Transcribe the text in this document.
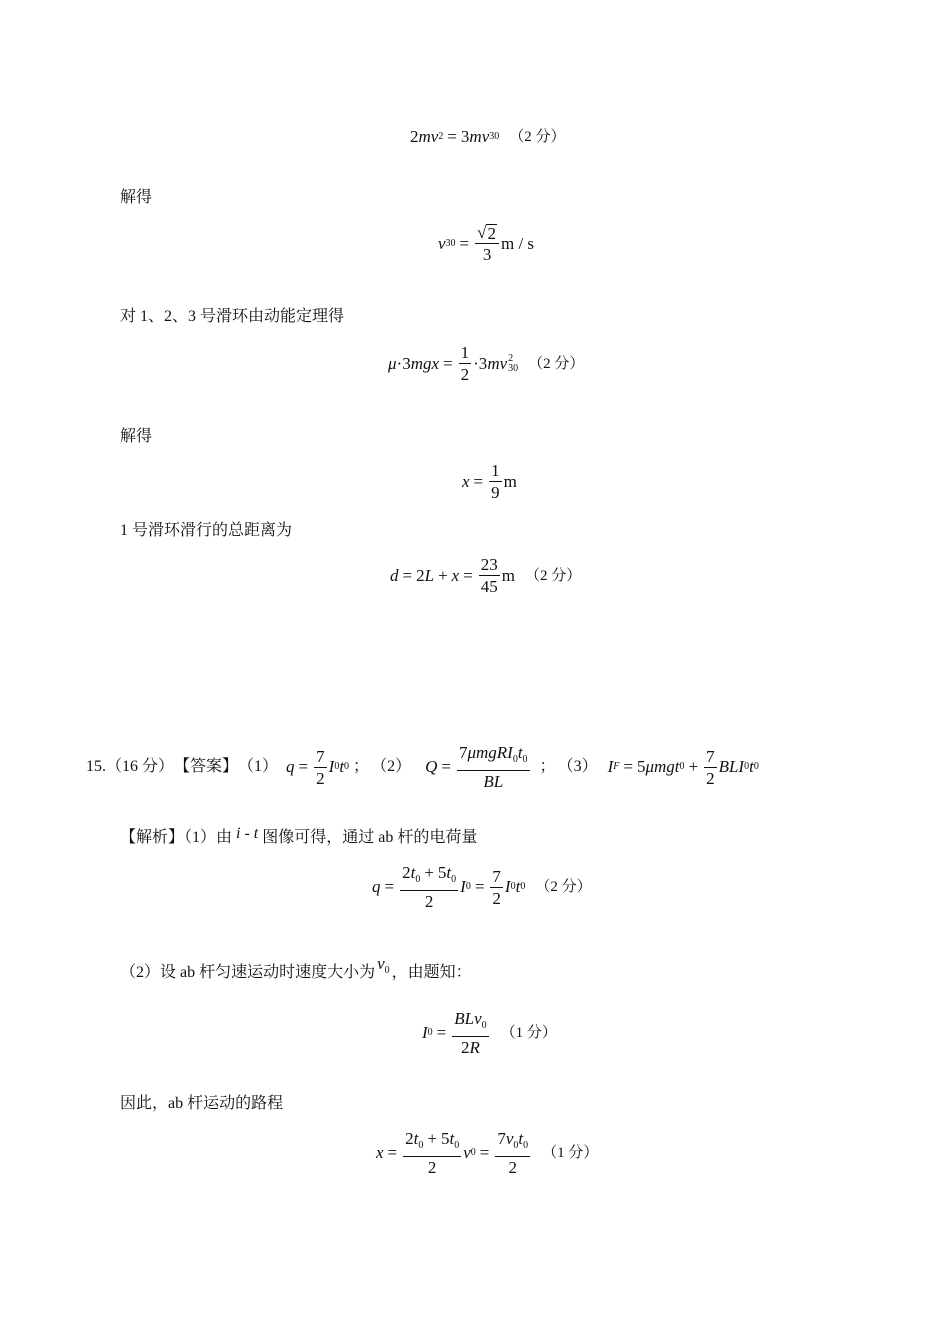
2 mv 2 = 3 mv 30 （2 分）
解得
v $30 = \frac{√ 2}{3}$ m / s
对 1、2、3 号滑环由动能定理得
μ ·3 mgx = $\frac{1}{2} \cdot 3$ mv 2
30 （2 分）
解得
$x = \frac{1}{9}$ m
1 号滑环滑行的总距离为
d = 2 $L + x = \frac{23}{45}$ m （2 分）
15.（16 分） 【答案】 （1） $q = \frac{7}{2}$ I 0 t 0 ； （2） $Q = \frac{7\mu mgRI_0t_0}{BL}$ ； （3） I F = 5 μmgt $0 + \frac{7}{2}$ BLI 0 t 0
【解析】（1）由 i - t 图像可得，通过 ab 杆的电荷量
$q = \frac{2t_0 + 5t_0}{2}$ I $0 = \frac{7}{2}$ I 0 t 0 （2 分）
（2）设 ab 杆匀速运动时速度大小为 $v_0$ ，由题知：
I $0 = \frac{BLv_0}{2R} (1$ 分）
因此，ab 杆运动的路程
$x = \frac{2t_0 + 5t_0}{2}$ v $0 = \frac{7v_0t_0}{2} (1$ 分）
